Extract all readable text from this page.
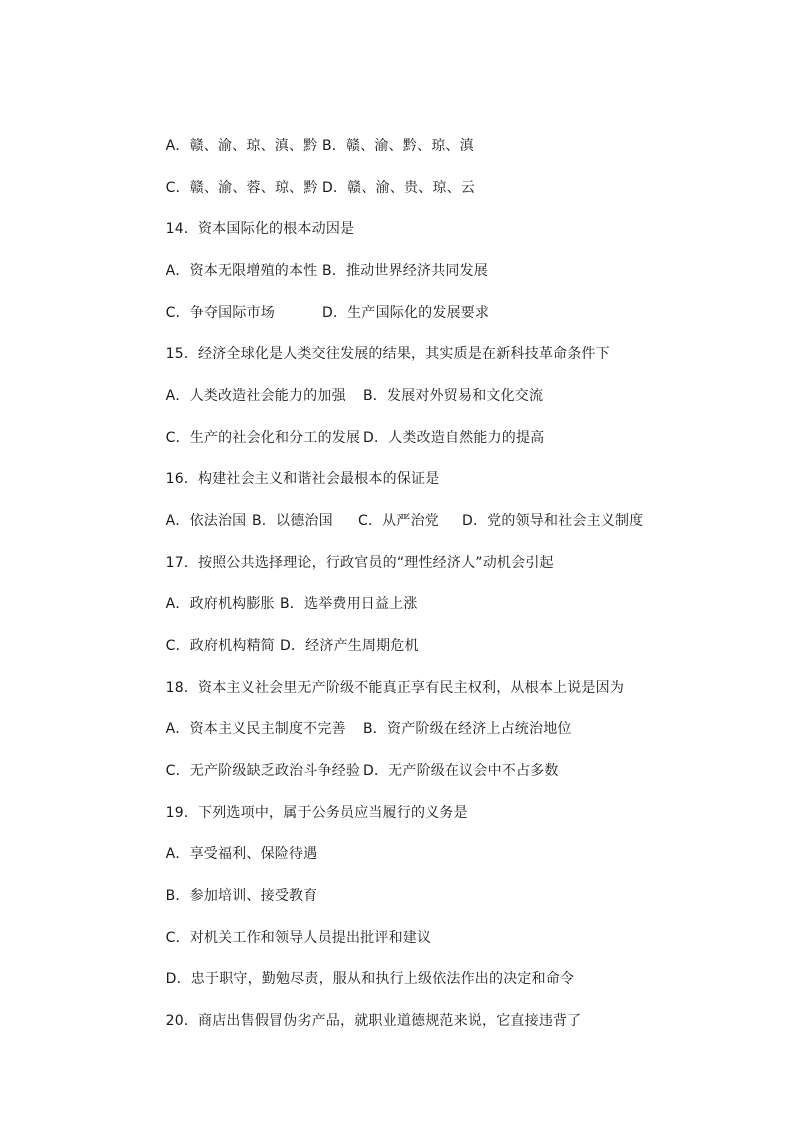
A．赣、渝、琼、滇、黔 B．赣、渝、黔、琼、滇

C．赣、渝、蓉、琼、黔 D．赣、渝、贵、琼、云

14．资本国际化的根本动因是

A．资本无限增殖的本性 B．推动世界经济共同发展

C．争夺国际市场	D．生产国际化的发展要求

15．经济全球化是人类交往发展的结果，其实质是在新科技革命条件下

A．人类改造社会能力的加强 B．发展对外贸易和文化交流

C．生产的社会化和分工的发展 D．人类改造自然能力的提高

16．构建社会主义和谐社会最根本的保证是

A．依法治国 B．以德治国 C．从严治党 D．党的领导和社会主义制度

17．按照公共选择理论，行政官员的“理性经济人”动机会引起

A．政府机构膨胀 B．选举费用日益上涨

C．政府机构精简 D．经济产生周期危机

18．资本主义社会里无产阶级不能真正享有民主权利，从根本上说是因为

A．资本主义民主制度不完善 B．资产阶级在经济上占统治地位

C．无产阶级缺乏政治斗争经验 D．无产阶级在议会中不占多数

19．下列选项中，属于公务员应当履行的义务是

A．享受福利、保险待遇

B．参加培训、接受教育

C．对机关工作和领导人员提出批评和建议

D．忠于职守，勤勉尽责，服从和执行上级依法作出的决定和命令

20．商店出售假冒伪劣产品，就职业道德规范来说，它直接违背了
